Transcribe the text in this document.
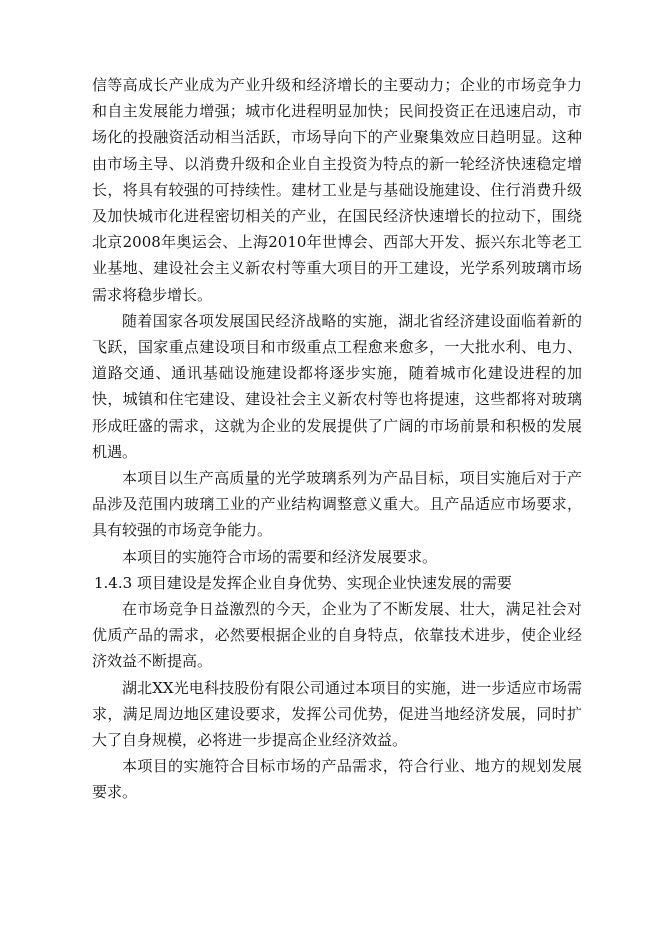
信等高成长产业成为产业升级和经济增长的主要动力；企业的市场竞争力和自主发展能力增强；城市化进程明显加快；民间投资正在迅速启动，市场化的投融资活动相当活跃，市场导向下的产业聚集效应日趋明显。这种由市场主导、以消费升级和企业自主投资为特点的新一轮经济快速稳定增长，将具有较强的可持续性。建材工业是与基础设施建设、住行消费升级及加快城市化进程密切相关的产业，在国民经济快速增长的拉动下，围绕北京2008年奥运会、上海2010年世博会、西部大开发、振兴东北等老工业基地、建设社会主义新农村等重大项目的开工建设，光学系列玻璃市场需求将稳步增长。

随着国家各项发展国民经济战略的实施，湖北省经济建设面临着新的飞跃，国家重点建设项目和市级重点工程愈来愈多，一大批水利、电力、道路交通、通讯基础设施建设都将逐步实施，随着城市化建设进程的加快，城镇和住宅建设、建设社会主义新农村等也将提速，这些都将对玻璃形成旺盛的需求，这就为企业的发展提供了广阔的市场前景和积极的发展机遇。

本项目以生产高质量的光学玻璃系列为产品目标，项目实施后对于产品涉及范围内玻璃工业的产业结构调整意义重大。且产品适应市场要求，具有较强的市场竞争能力。

本项目的实施符合市场的需要和经济发展要求。

1.4.3 项目建设是发挥企业自身优势、实现企业快速发展的需要

在市场竞争日益激烈的今天，企业为了不断发展、壮大，满足社会对优质产品的需求，必然要根据企业的自身特点，依靠技术进步，使企业经济效益不断提高。

湖北XX光电科技股份有限公司通过本项目的实施，进一步适应市场需求，满足周边地区建设要求，发挥公司优势，促进当地经济发展，同时扩大了自身规模，必将进一步提高企业经济效益。

本项目的实施符合目标市场的产品需求，符合行业、地方的规划发展要求。
